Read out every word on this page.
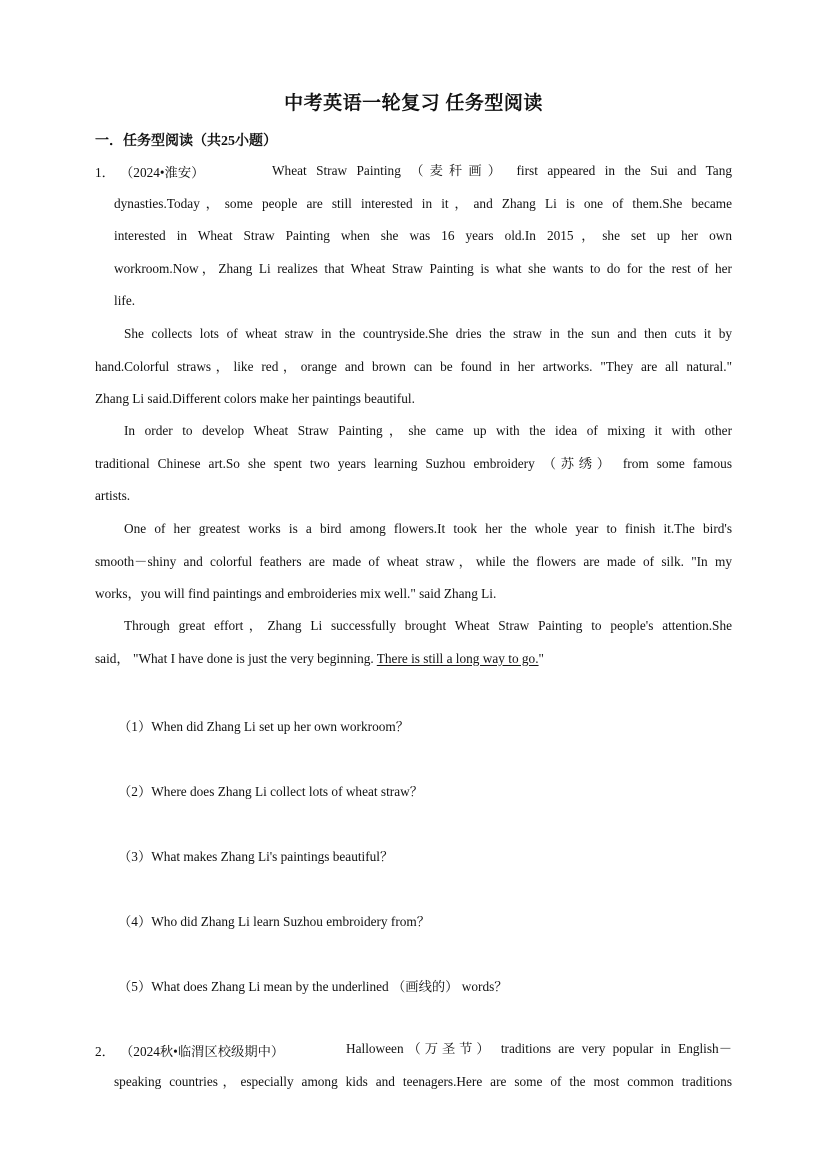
中考英语一轮复习 任务型阅读
一．任务型阅读（共25小题）
1． （2024•淮安）	Wheat Straw Painting （麦秆画） first appeared in the Sui and Tang
dynasties.Today，some people are still interested in it，and Zhang Li is one of them.She became
interested in Wheat Straw Painting when she was 16 years old.In 2015，she set up her own
workroom.Now，Zhang Li realizes that Wheat Straw Painting is what she wants to do for the rest of her
life.
She collects lots of wheat straw in the countryside.She dries the straw in the sun and then cuts it by
hand.Colorful straws，like red，orange and brown can be found in her artworks. "They are all natural."
Zhang Li said.Different colors make her paintings beautiful.
In order to develop Wheat Straw Painting，she came up with the idea of mixing it with other
traditional Chinese art.So she spent two years learning Suzhou embroidery （苏绣） from some famous
artists.
One of her greatest works is a bird among flowers.It took her the whole year to finish it.The bird's
smooth－shiny and colorful feathers are made of wheat straw，while the flowers are made of silk. "In my
works，you will find paintings and embroideries mix well." said Zhang Li.
Through great effort，Zhang Li successfully brought Wheat Straw Painting to people's attention.She
said， "What I have done is just the very beginning. There is still a long way to go."
（1）When did Zhang Li set up her own workroom？
（2）Where does Zhang Li collect lots of wheat straw？
（3）What makes Zhang Li's paintings beautiful？
（4）Who did Zhang Li learn Suzhou embroidery from？
（5）What does Zhang Li mean by the underlined （画线的） words？
2． （2024秋•临渭区校级期中）	Halloween（万圣节） traditions are very popular in English－
speaking countries，especially among kids and teenagers.Here are some of the most common traditions
